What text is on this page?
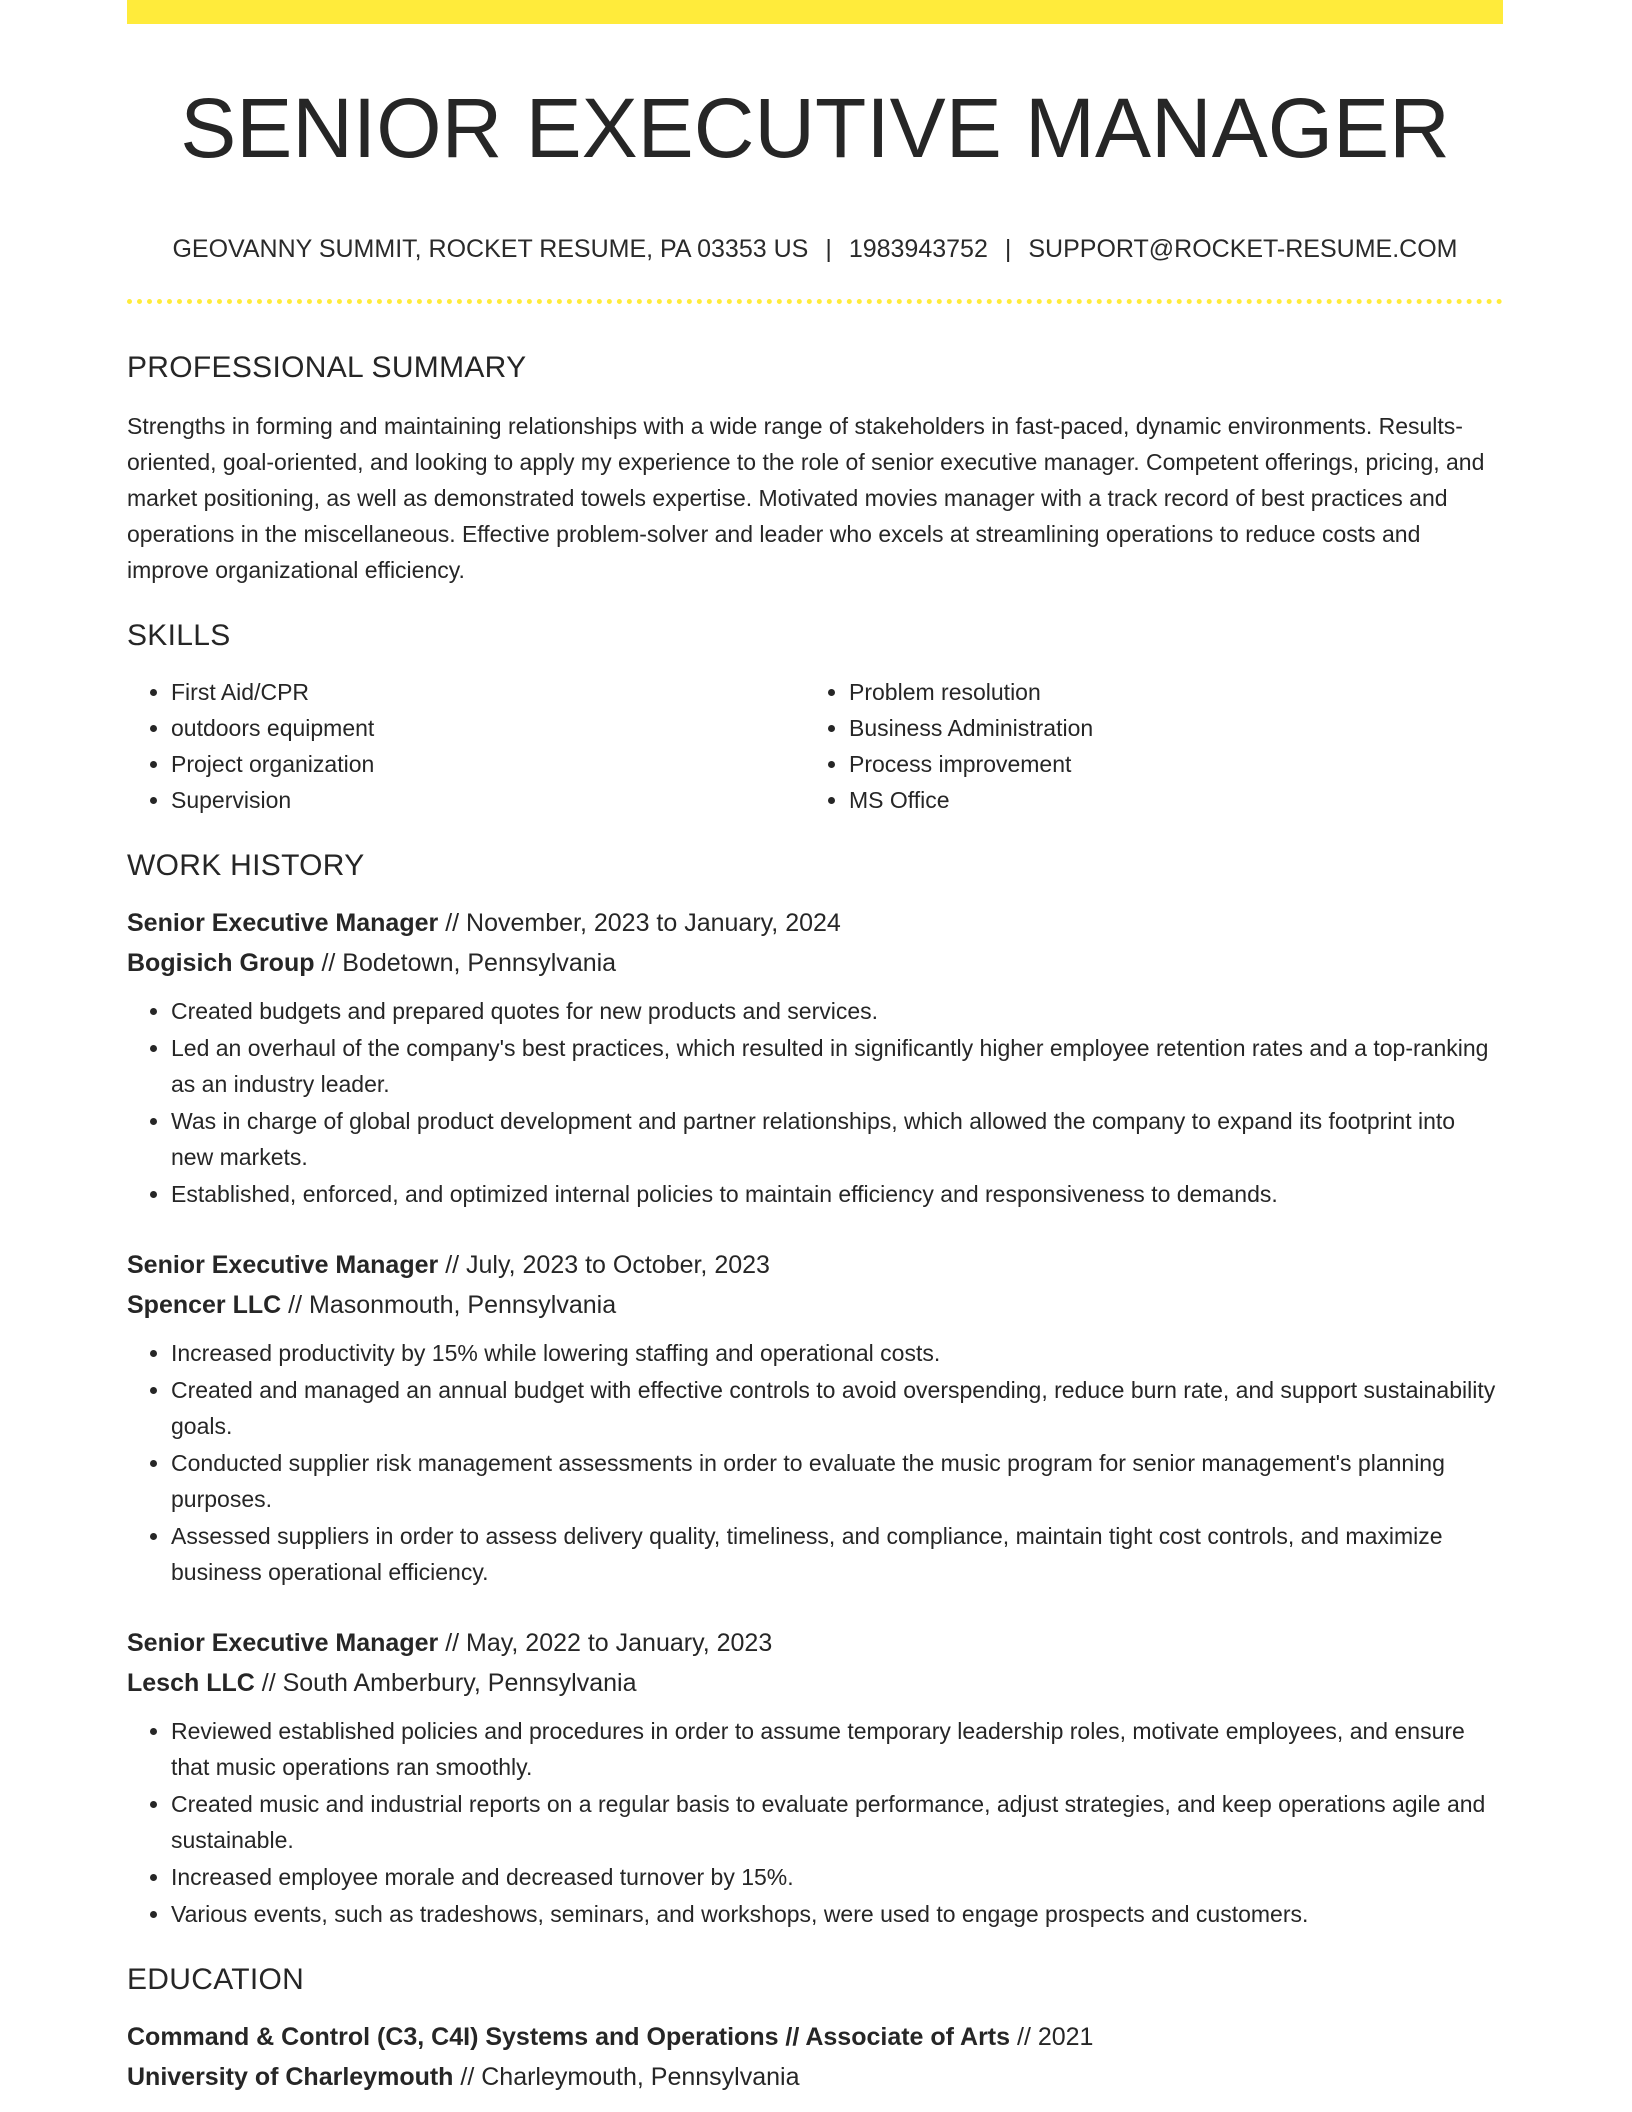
SENIOR EXECUTIVE MANAGER
GEOVANNY SUMMIT, ROCKET RESUME, PA 03353 US | 1983943752 | SUPPORT@ROCKET-RESUME.COM
PROFESSIONAL SUMMARY
Strengths in forming and maintaining relationships with a wide range of stakeholders in fast-paced, dynamic environments. Results-oriented, goal-oriented, and looking to apply my experience to the role of senior executive manager. Competent offerings, pricing, and market positioning, as well as demonstrated towels expertise. Motivated movies manager with a track record of best practices and operations in the miscellaneous. Effective problem-solver and leader who excels at streamlining operations to reduce costs and improve organizational efficiency.
SKILLS
• First Aid/CPR
• outdoors equipment
• Project organization
• Supervision
• Problem resolution
• Business Administration
• Process improvement
• MS Office
WORK HISTORY
Senior Executive Manager // November, 2023 to January, 2024
Bogisich Group // Bodetown, Pennsylvania
• Created budgets and prepared quotes for new products and services.
• Led an overhaul of the company's best practices, which resulted in significantly higher employee retention rates and a top-ranking as an industry leader.
• Was in charge of global product development and partner relationships, which allowed the company to expand its footprint into new markets.
• Established, enforced, and optimized internal policies to maintain efficiency and responsiveness to demands.
Senior Executive Manager // July, 2023 to October, 2023
Spencer LLC // Masonmouth, Pennsylvania
• Increased productivity by 15% while lowering staffing and operational costs.
• Created and managed an annual budget with effective controls to avoid overspending, reduce burn rate, and support sustainability goals.
• Conducted supplier risk management assessments in order to evaluate the music program for senior management's planning purposes.
• Assessed suppliers in order to assess delivery quality, timeliness, and compliance, maintain tight cost controls, and maximize business operational efficiency.
Senior Executive Manager // May, 2022 to January, 2023
Lesch LLC // South Amberbury, Pennsylvania
• Reviewed established policies and procedures in order to assume temporary leadership roles, motivate employees, and ensure that music operations ran smoothly.
• Created music and industrial reports on a regular basis to evaluate performance, adjust strategies, and keep operations agile and sustainable.
• Increased employee morale and decreased turnover by 15%.
• Various events, such as tradeshows, seminars, and workshops, were used to engage prospects and customers.
EDUCATION
Command & Control (C3, C4I) Systems and Operations // Associate of Arts // 2021
University of Charleymouth // Charleymouth, Pennsylvania
